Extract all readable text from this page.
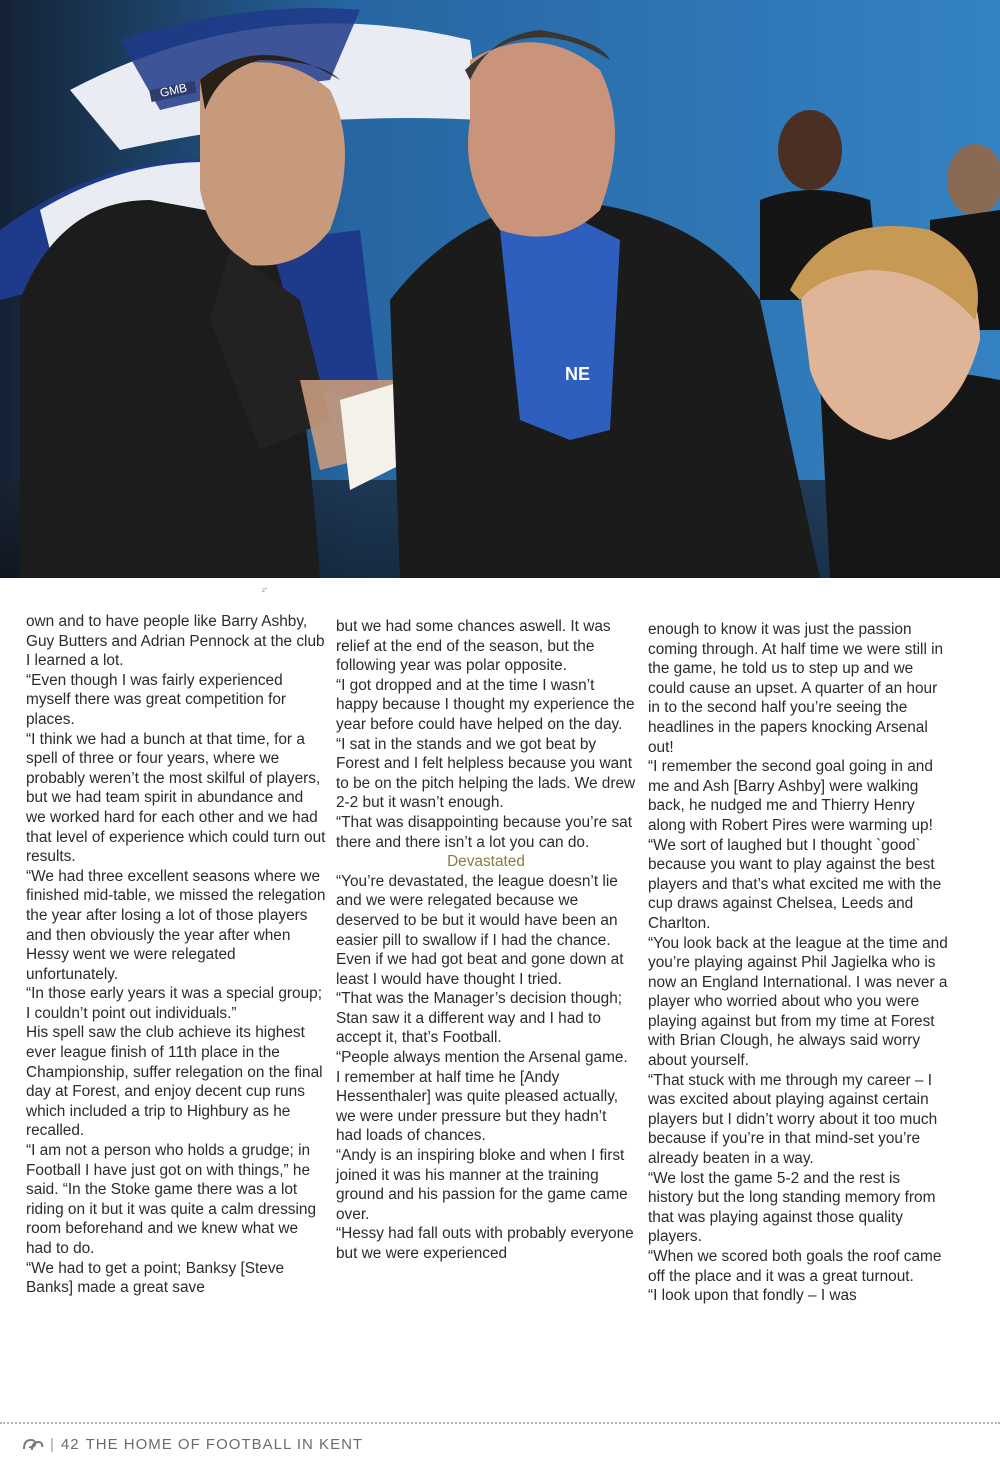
GMB
NE
²ˆ

own and to have people like Barry Ashby, Guy Butters and Adrian Pennock at the club I learned a lot.

“Even though I was fairly experienced myself there was great competition for places.

“I think we had a bunch at that time, for a spell of three or four years, where we probably weren’t the most skilful of players, but we had team spirit in abundance and we worked hard for each other and we had that level of experience which could turn out results.

“We had three excellent seasons where we finished mid-table, we missed the relegation the year after losing a lot of those players and then obviously the year after when Hessy went we were relegated unfortunately.

“In those early years it was a special group; I couldn’t point out individuals.”

His spell saw the club achieve its highest ever league finish of 11th place in the Championship, suffer relegation on the final day at Forest, and enjoy decent cup runs which included a trip to Highbury as he recalled.

“I am not a person who holds a grudge; in Football I have just got on with things,” he said. “In the Stoke game there was a lot riding on it but it was quite a calm dressing room beforehand and we knew what we had to do.

“We had to get a point; Banksy [Steve Banks] made a great save

but we had some chances aswell. It was relief at the end of the season, but the following year was polar opposite.

“I got dropped and at the time I wasn’t happy because I thought my experience the year before could have helped on the day.

“I sat in the stands and we got beat by Forest and I felt helpless because you want to be on the pitch helping the lads. We drew 2-2 but it wasn’t enough.

“That was disappointing because you’re sat there and there isn’t a lot you can do.

Devastated

“You’re devastated, the league doesn’t lie and we were relegated because we deserved to be but it would have been an easier pill to swallow if I had the chance. Even if we had got beat and gone down at least I would have thought I tried.

“That was the Manager’s decision though; Stan saw it a different way and I had to accept it, that’s Football.

“People always mention the Arsenal game. I remember at half time he [Andy Hessenthaler] was quite pleased actually, we were under pressure but they hadn’t had loads of chances.

“Andy is an inspiring bloke and when I first joined it was his manner at the training ground and his passion for the game came over.

“Hessy had fall outs with probably everyone but we were experienced

enough to know it was just the passion coming through. At half time we were still in the game, he told us to step up and we could cause an upset. A quarter of an hour in to the second half you’re seeing the headlines in the papers knocking Arsenal out!

“I remember the second goal going in and me and Ash [Barry Ashby] were walking back, he nudged me and Thierry Henry along with Robert Pires were warming up!

“We sort of laughed but I thought `good` because you want to play against the best players and that’s what excited me with the cup draws against Chelsea, Leeds and Charlton.

“You look back at the league at the time and you’re playing against Phil Jagielka who is now an England International. I was never a player who worried about who you were playing against but from my time at Forest with Brian Clough, he always said worry about yourself.

“That stuck with me through my career – I was excited about playing against certain players but I didn’t worry about it too much because if you’re in that mind-set you’re already beaten in a way.

“We lost the game 5-2 and the rest is history but the long standing memory from that was playing against those quality players.

“When we scored both goals the roof came off the place and it was a great turnout.

“I look upon that fondly – I was

| 42 THE HOME OF FOOTBALL IN KENT
